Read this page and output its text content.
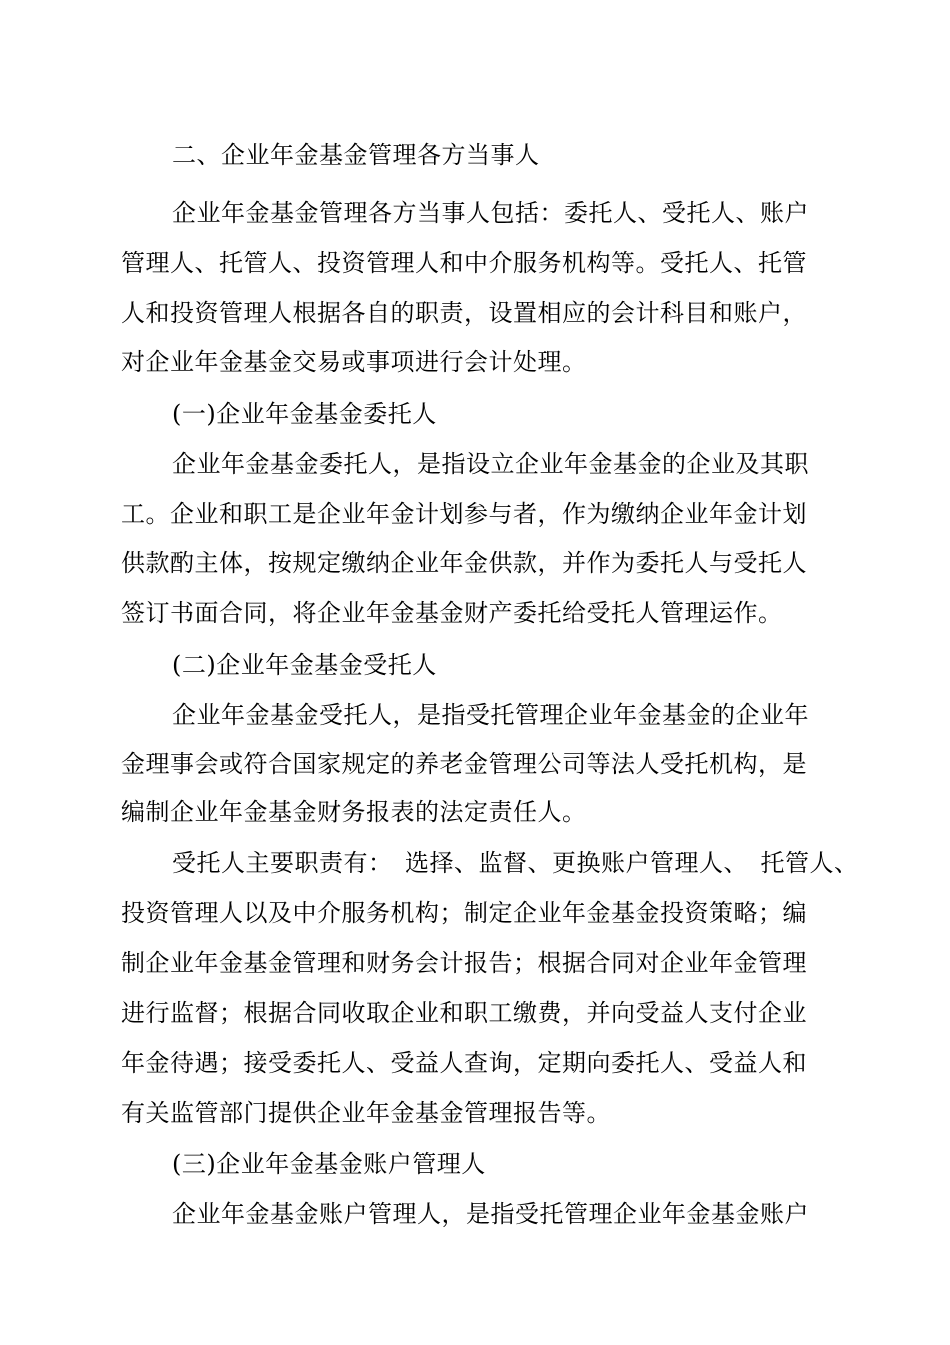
二、企业年金基金管理各方当事人
企业年金基金管理各方当事人包括：委托人、受托人、账户
管理人、托管人、投资管理人和中介服务机构等。受托人、托管
人和投资管理人根据各自的职责，设置相应的会计科目和账户，
对企业年金基金交易或事项进行会计处理。
(一)企业年金基金委托人
企业年金基金委托人，是指设立企业年金基金的企业及其职
工。企业和职工是企业年金计划参与者，作为缴纳企业年金计划
供款酌主体，按规定缴纳企业年金供款，并作为委托人与受托人
签订书面合同，将企业年金基金财产委托给受托人管理运作。
(二)企业年金基金受托人
企业年金基金受托人，是指受托管理企业年金基金的企业年
金理事会或符合国家规定的养老金管理公司等法人受托机构，是
编制企业年金基金财务报表的法定责任人。
受托人主要职责有：　选择、监督、更换账户管理人、　托管人、
投资管理人以及中介服务机构；制定企业年金基金投资策略；编
制企业年金基金管理和财务会计报告；根据合同对企业年金管理
进行监督；根据合同收取企业和职工缴费，并向受益人支付企业
年金待遇；接受委托人、受益人查询，定期向委托人、受益人和
有关监管部门提供企业年金基金管理报告等。
(三)企业年金基金账户管理人
企业年金基金账户管理人，是指受托管理企业年金基金账户
